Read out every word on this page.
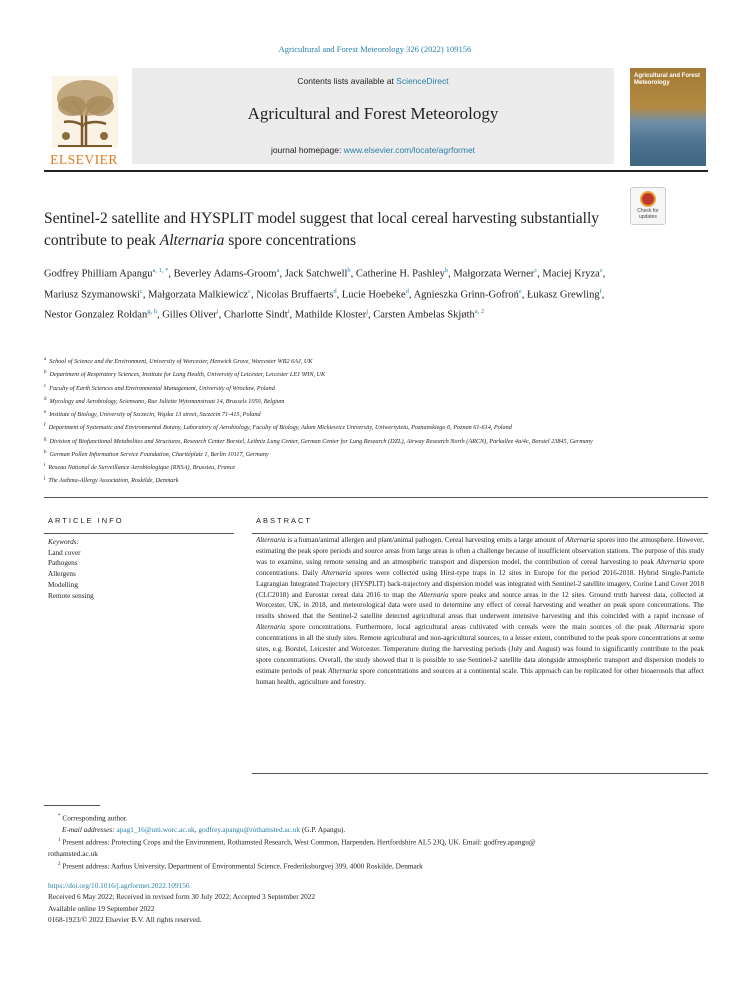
Agricultural and Forest Meteorology 326 (2022) 109156
ELSEVIER
Contents lists available at ScienceDirect
Agricultural and Forest Meteorology
journal homepage: www.elsevier.com/locate/agrformet
Agricultural and Forest Meteorology
Sentinel-2 satellite and HYSPLIT model suggest that local cereal harvesting substantially contribute to peak Alternaria spore concentrations
Check for updates
Godfrey Philliam Apangu$^{a, 1, *}$, Beverley Adams-Groom$^a$, Jack Satchwell$^b$, Catherine H. Pashley$^b$, Małgorzata Werner$^c$, Maciej Kryza$^c$, Mariusz Szymanowski$^c$, Małgorzata Malkiewicz$^c$, Nicolas Bruffaerts$^d$, Lucie Hoebeke$^d$, Agnieszka Grinn-Gofroń$^e$, Łukasz Grewling$^f$, Nestor Gonzalez Roldan$^{g, h}$, Gilles Oliver$^i$, Charlotte Sindt$^i$, Mathilde Kloster$^j$, Carsten Ambelas Skjøth$^{a, 2}$
$^a$ School of Science and the Environment, University of Worcester, Henwick Grove, Worcester WR2 6AJ, UK
$^b$ Department of Respiratory Sciences, Institute for Lung Health, University of Leicester, Leicester LE1 9HN, UK
$^c$ Faculty of Earth Sciences and Environmental Management, University of Wrocław, Poland
$^d$ Mycology and Aerobiology, Sciensano, Rue Juliette Wytsmanstraat 14, Brussels 1050, Belgium
$^e$ Institute of Biology, University of Szczecin, Wąska 13 street, Szczecin 71-415, Poland
$^f$ Department of Systematic and Environmental Botany, Laboratory of Aerobiology, Faculty of Biology, Adam Mickiewicz University, Uniwersytetu, Poznanskiego 6, Poznan 61-614, Poland
$^g$ Division of Biofunctional Metabolites and Structures, Research Center Borstel, Leibniz Lung Center, German Center for Lung Research (DZL), Airway Research North (ARCN), Parkallee 4a/4c, Borstel 23845, Germany
$^h$ German Pollen Information Service Foundation, Charitéplatz 1, Berlin 10117, Germany
$^i$ Reseau National de Surveillance Aerobiologique (RNSA), Brussieu, France
$^j$ The Asthma-Allergy Association, Roskilde, Denmark
ARTICLE INFO
Keywords:
Land cover
Pathogens
Allergens
Modelling
Remote sensing
ABSTRACT
Alternaria is a human/animal allergen and plant/animal pathogen. Cereal harvesting emits a large amount of Alternaria spores into the atmosphere. However, estimating the peak spore periods and source areas from large areas is often a challenge because of insufficient observation stations. The purpose of this study was to examine, using remote sensing and an atmospheric transport and dispersion model, the contribution of cereal harvesting to peak Alternaria spore concentrations. Daily Alternaria spores were collected using Hirst-type traps in 12 sites in Europe for the period 2016-2018. Hybrid Single-Particle Lagrangian Integrated Trajectory (HYSPLIT) back-trajectory and dispersion model was integrated with Sentinel-2 satellite imagery, Corine Land Cover 2018 (CLC2018) and Eurostat cereal data 2016 to map the Alternaria spore peaks and source areas in the 12 sites. Ground truth harvest data, collected at Worcester, UK, in 2018, and meteorological data were used to determine any effect of cereal harvesting and weather on peak spore concentrations. The results showed that the Sentinel-2 satellite detected agricultural areas that underwent intensive harvesting and this coincided with a rapid increase of Alternaria spore concentrations. Furthermore, local agricultural areas cultivated with cereals were the main sources of the peak Alternaria spore concentrations in all the study sites. Remote agricultural and non-agricultural sources, to a lesser extent, contributed to the peak spore concentrations at some sites, e.g. Borstel, Leicester and Worcester. Temperature during the harvesting periods (July and August) was found to significantly contribute to the peak spore concentrations. Overall, the study showed that it is possible to use Sentinel-2 satellite data alongside atmospheric transport and dispersion models to estimate periods of peak Alternaria spore concentrations and sources at a continental scale. This approach can be replicated for other bioaerosols that affect human health, agriculture and forestry.
* Corresponding author.
E-mail addresses: apag1_16@uni.worc.ac.uk, godfrey.apangu@rothamsted.ac.uk (G.P. Apangu).
$^1$ Present address: Protecting Crops and the Environment, Rothamsted Research, West Common, Harpenden, Hertfordshire AL5 2JQ, UK. Email: godfrey.apangu@
rothamsted.ac.uk
$^2$ Present address: Aarhus University, Department of Environmental Science, Frederiksborgvej 399, 4000 Roskilde, Denmark
https://doi.org/10.1016/j.agrformet.2022.109156
Received 6 May 2022; Received in revised form 30 July 2022; Accepted 3 September 2022
Available online 19 September 2022
0168-1923/© 2022 Elsevier B.V. All rights reserved.
